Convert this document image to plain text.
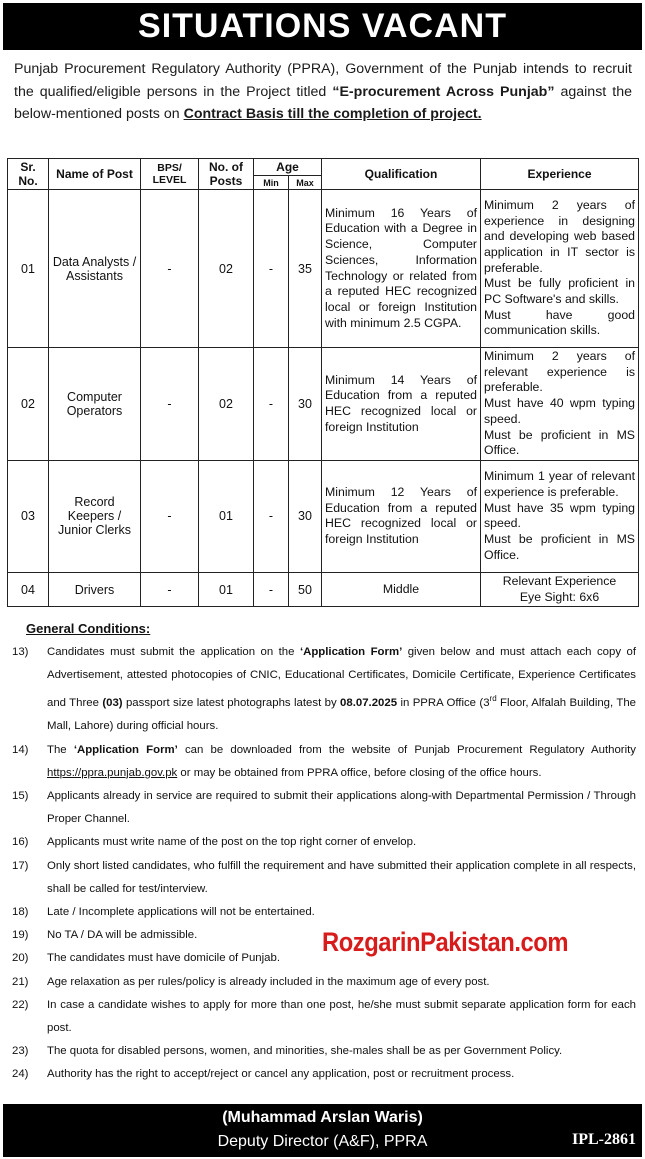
SITUATIONS VACANT
Punjab Procurement Regulatory Authority (PPRA), Government of the Punjab intends to recruit the qualified/eligible persons in the Project titled “E-procurement Across Punjab” against the below-mentioned posts on Contract Basis till the completion of project.
Sr. No.	Name of Post	BPS/ LEVEL	No. of Posts	Age		Qualification	Experience
				Min	Max		
01	Data Analysts / Assistants	-	02	-	35	Minimum 16 Years of Education with a Degree in Science, Computer Sciences, Information Technology or related from a reputed HEC recognized local or foreign Institution with minimum 2.5 CGPA.	Minimum 2 years of experience in designing and developing web based application in IT sector is preferable.
Must be fully proficient in PC Software's and skills.
Must have good communication skills.

02	Computer Operators	-	02	-	30	Minimum 14 Years of Education from a reputed HEC recognized local or foreign Institution	Minimum 2 years of relevant experience is preferable.
Must have 40 wpm typing speed.
Must be proficient in MS Office.

03	Record Keepers / Junior Clerks	-	01	-	30	Minimum 12 Years of Education from a reputed HEC recognized local or foreign Institution	Minimum 1 year of relevant experience is preferable.
Must have 35 wpm typing speed.
Must be proficient in MS Office.

04	Drivers	-	01	-	50	Middle	Relevant Experience
Eye Sight: 6x6
General Conditions:
13) Candidates must submit the application on the ‘Application Form’ given below and must attach each copy of Advertisement, attested photocopies of CNIC, Educational Certificates, Domicile Certificate, Experience Certificates and Three (03) passport size latest photographs latest by 08.07.2025 in PPRA Office (3rd Floor, Alfalah Building, The Mall, Lahore) during official hours.
14) The ‘Application Form’ can be downloaded from the website of Punjab Procurement Regulatory Authority https://ppra.punjab.gov.pk or may be obtained from PPRA office, before closing of the office hours.
15) Applicants already in service are required to submit their applications along-with Departmental Permission / Through Proper Channel.
16) Applicants must write name of the post on the top right corner of envelop.
17) Only short listed candidates, who fulfill the requirement and have submitted their application complete in all respects, shall be called for test/interview.
18) Late / Incomplete applications will not be entertained.
19) No TA / DA will be admissible.
20) The candidates must have domicile of Punjab.
21) Age relaxation as per rules/policy is already included in the maximum age of every post.
22) In case a candidate wishes to apply for more than one post, he/she must submit separate application form for each post.
23) The quota for disabled persons, women, and minorities, she-males shall be as per Government Policy.
24) Authority has the right to accept/reject or cancel any application, post or recruitment process.
RozgarinPakistan.com
(Muhammad Arslan Waris)
Deputy Director (A&F), PPRA	IPL-2861
